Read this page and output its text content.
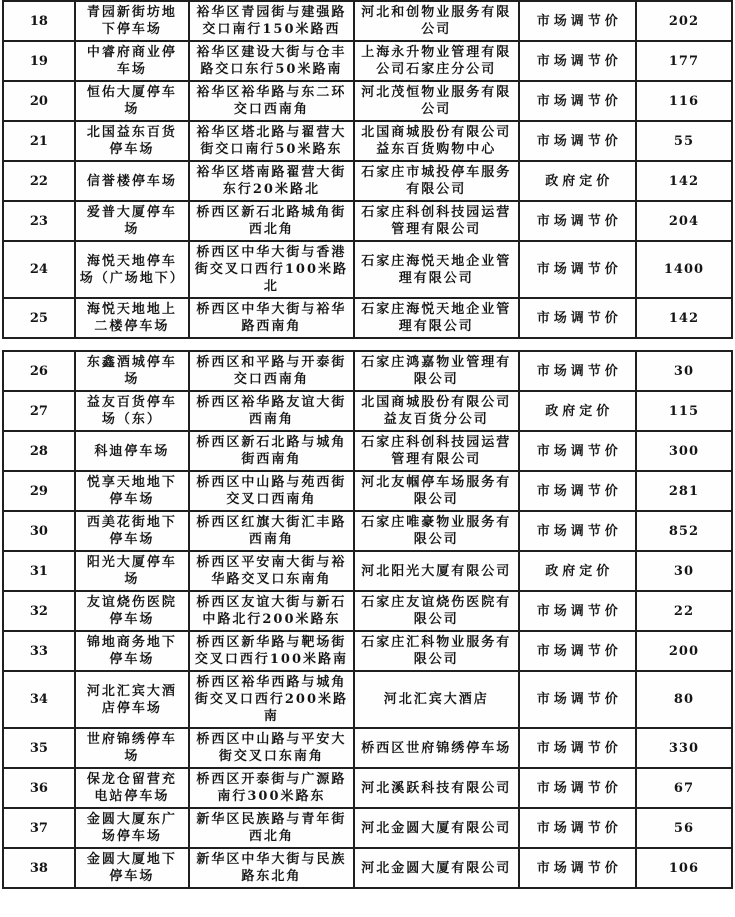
18	青园新街坊地下停车场	裕华区青园街与建强路交口南行150米路西	河北和创物业服务有限公司	市场调节价	202
19	中睿府商业停车场	裕华区建设大街与仓丰路交口东行50米路南	上海永升物业管理有限公司石家庄分公司	市场调节价	177
20	恒佑大厦停车场	裕华区裕华路与东二环交口西南角	河北茂恒物业服务有限公司	市场调节价	116
21	北国益东百货停车场	裕华区塔北路与翟营大街交口南行50米路东	北国商城股份有限公司益东百货购物中心	市场调节价	55
22	信誉楼停车场	裕华区塔南路翟营大街东行20米路北	石家庄市城投停车服务有限公司	政府定价	142
23	爱普大厦停车场	桥西区新石北路城角街西北角	石家庄科创科技园运营管理有限公司	市场调节价	204
24	海悦天地停车场（广场地下）	桥西区中华大街与香港街交叉口西行100米路北	石家庄海悦天地企业管理有限公司	市场调节价	1400
25	海悦天地地上二楼停车场	桥西区中华大街与裕华路西南角	石家庄海悦天地企业管理有限公司	市场调节价	142
26	东鑫酒城停车场	桥西区和平路与开泰街交口西南角	石家庄鸿嘉物业管理有限公司	市场调节价	30
27	益友百货停车场（东）	桥西区裕华路友谊大街西南角	北国商城股份有限公司益友百货分公司	政府定价	115
28	科迪停车场	桥西区新石北路与城角街西南角	石家庄科创科技园运营管理有限公司	市场调节价	300
29	悦享天地地下停车场	桥西区中山路与苑西街交叉口西南角	河北友帼停车场服务有限公司	市场调节价	281
30	西美花街地下停车场	桥西区红旗大街汇丰路西南角	石家庄唯豪物业服务有限公司	市场调节价	852
31	阳光大厦停车场	桥西区平安南大街与裕华路交叉口东南角	河北阳光大厦有限公司	政府定价	30
32	友谊烧伤医院停车场	桥西区友谊大街与新石中路北行200米路东	石家庄友谊烧伤医院有限公司	市场调节价	22
33	锦地商务地下停车场	桥西区新华路与靶场街交叉口西行100米路南	石家庄汇科物业服务有限公司	市场调节价	200
34	河北汇宾大酒店停车场	桥西区裕华西路与城角街交叉口西行200米路南	河北汇宾大酒店	市场调节价	80
35	世府锦绣停车场	桥西区中山路与平安大街交叉口东南角	桥西区世府锦绣停车场	市场调节价	330
36	保龙仓留营充电站停车场	桥西区开泰街与广源路南行300米路东	河北溪跃科技有限公司	市场调节价	67
37	金圆大厦东广场停车场	新华区民族路与青年街西北角	河北金圆大厦有限公司	市场调节价	56
38	金圆大厦地下停车场	新华区中华大街与民族路东北角	河北金圆大厦有限公司	市场调节价	106
